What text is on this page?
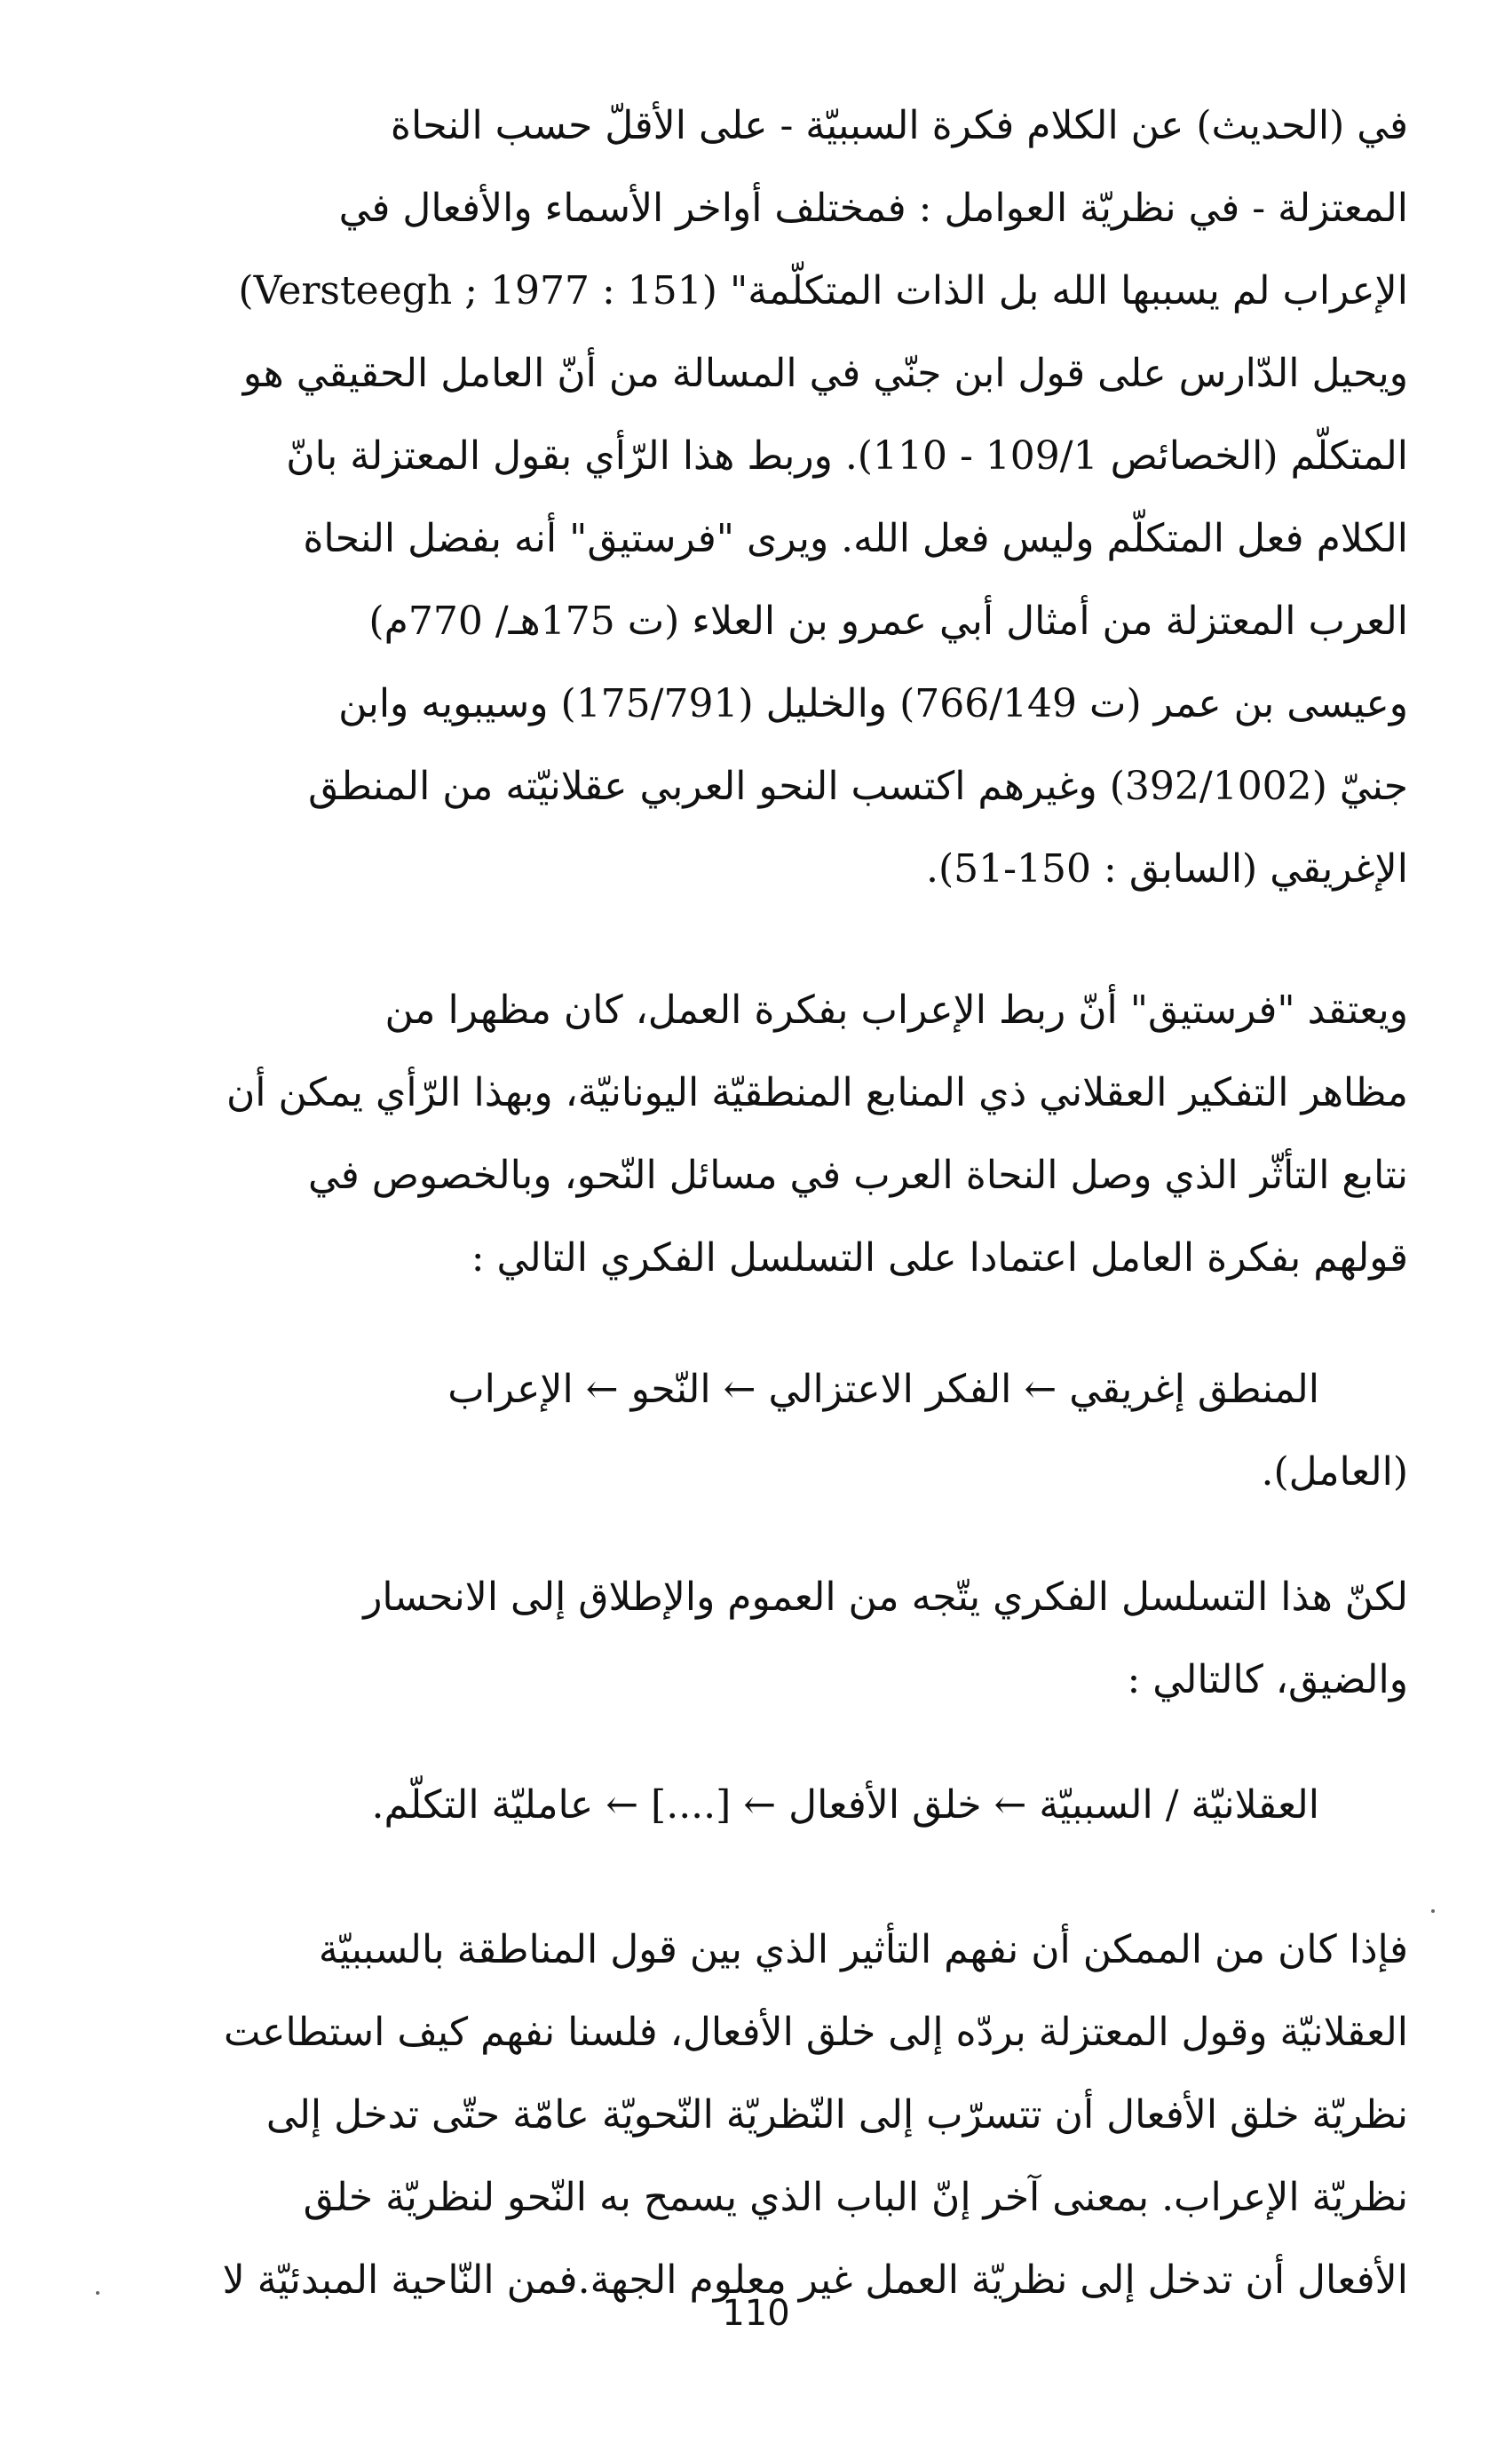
في (الحديث) عن الكلام فكرة السببيّة - على الأقلّ حسب النحاة
المعتزلة - في نظريّة العوامل : فمختلف أواخر الأسماء والأفعال في
الإعراب لم يسببها الله بل الذات المتكلّمة" (Versteegh ; 1977 : 151)
ويحيل الدّارس على قول ابن جنّي في المسالة من أنّ العامل الحقيقي هو
المتكلّم (الخصائص 109/1 - 110). وربط هذا الرّأي بقول المعتزلة بانّ
الكلام فعل المتكلّم وليس فعل الله. ويرى "فرستيق" أنه بفضل النحاة
العرب المعتزلة من أمثال أبي عمرو بن العلاء (ت 175هـ/ 770م)
وعيسى بن عمر (ت 766/149) والخليل (175/791) وسيبويه وابن
جنيّ (392/1002) وغيرهم اكتسب النحو العربي عقلانيّته من المنطق
الإغريقي (السابق : 150-51).

ويعتقد "فرستيق" أنّ ربط الإعراب بفكرة العمل، كان مظهرا من
مظاهر التفكير العقلاني ذي المنابع المنطقيّة اليونانيّة، وبهذا الرّأي يمكن أن
نتابع التأثّر الذي وصل النحاة العرب في مسائل النّحو، وبالخصوص في
قولهم بفكرة العامل اعتمادا على التسلسل الفكري التالي :

المنطق إغريقي ← الفكر الاعتزالي ← النّحو ← الإعراب
(العامل).

لكنّ هذا التسلسل الفكري يتّجه من العموم والإطلاق إلى الانحسار
والضيق، كالتالي :

العقلانيّة / السببيّة ← خلق الأفعال ← [....] ← عامليّة التكلّم.

فإذا كان من الممكن أن نفهم التأثير الذي بين قول المناطقة بالسببيّة
العقلانيّة وقول المعتزلة بردّه إلى خلق الأفعال، فلسنا نفهم كيف استطاعت
نظريّة خلق الأفعال أن تتسرّب إلى النّظريّة النّحويّة عامّة حتّى تدخل إلى
نظريّة الإعراب. بمعنى آخر إنّ الباب الذي يسمح به النّحو لنظريّة خلق
الأفعال أن تدخل إلى نظريّة العمل غير معلوم الجهة.فمن النّاحية المبدئيّة لا

110
